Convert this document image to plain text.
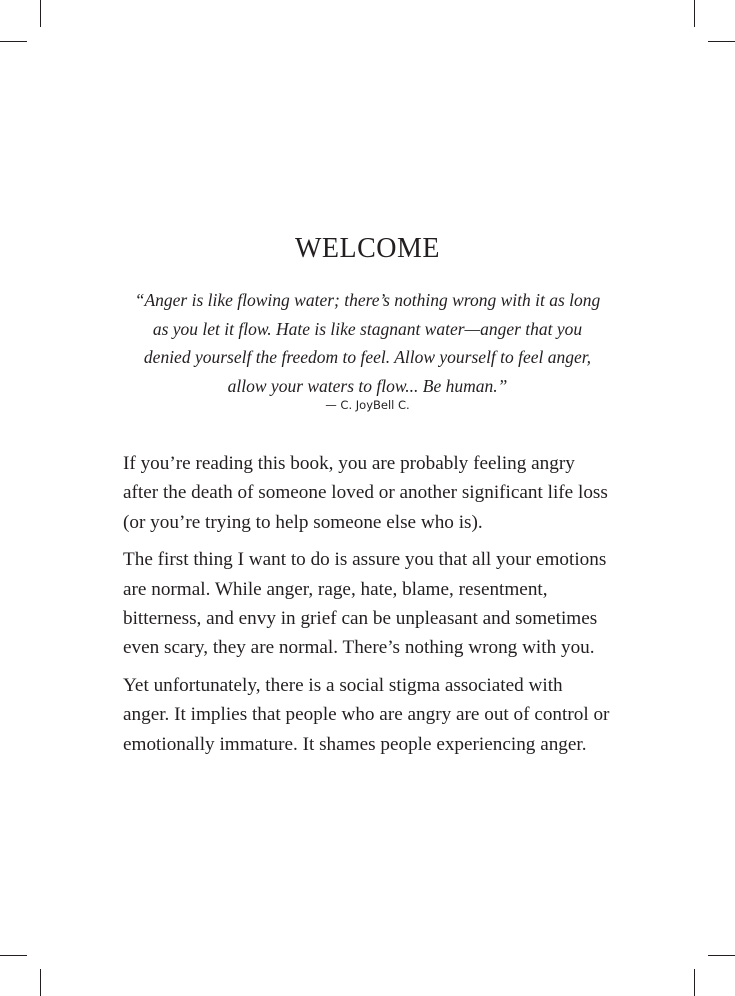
WELCOME
“Anger is like flowing water; there’s nothing wrong with it as long
as you let it flow. Hate is like stagnant water—anger that you
denied yourself the freedom to feel. Allow yourself to feel anger,
allow your waters to flow... Be human.”
— C. JoyBell C.

If you’re reading this book, you are probably feeling angry after the death of someone loved or another significant life loss (or you’re trying to help someone else who is).

The first thing I want to do is assure you that all your emotions are normal. While anger, rage, hate, blame, resentment, bitterness, and envy in grief can be unpleasant and sometimes even scary, they are normal. There’s nothing wrong with you.

Yet unfortunately, there is a social stigma associated with anger. It implies that people who are angry are out of control or emotionally immature. It shames people experiencing anger.
